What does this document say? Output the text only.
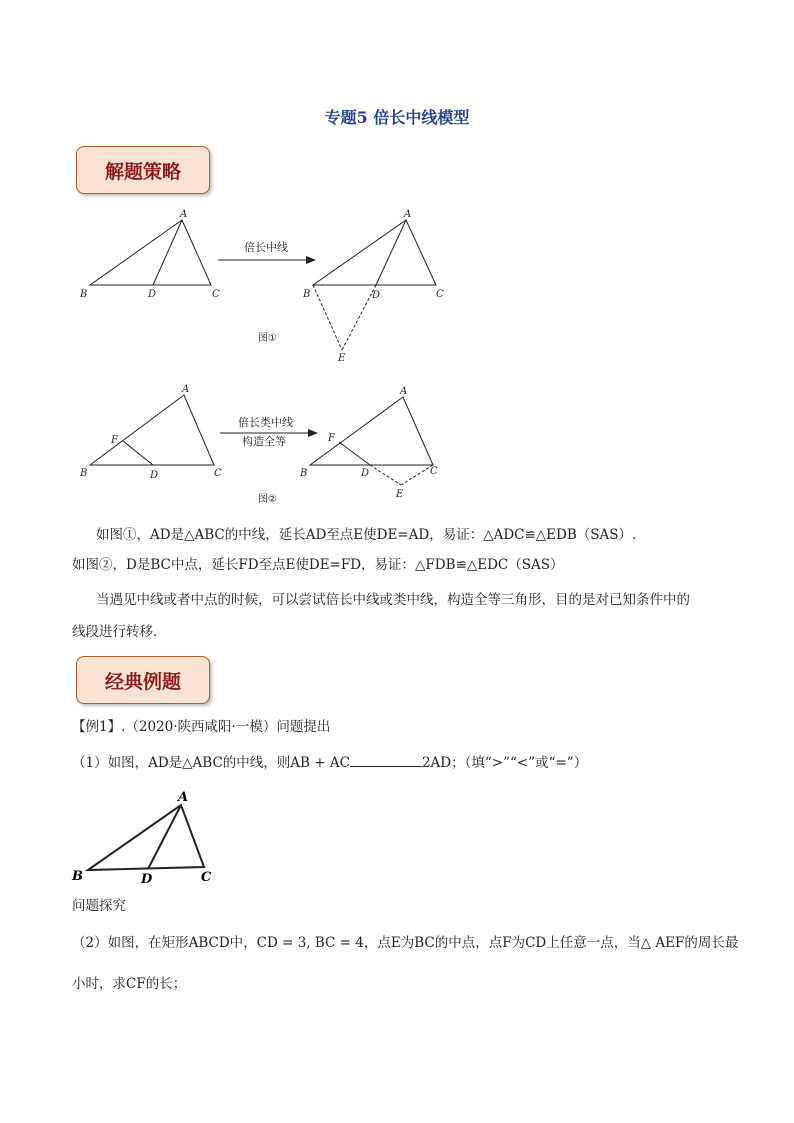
专题5 倍长中线模型
解题策略
A
B	D	C
倍长中线
A
B	D	C
E
图①
A
F
B	D	C
倍长类中线
构造全等
A
F
B	D	C
E
图②
如图①，AD是△ABC的中线，延长AD至点E使DE=AD，易证：△ADC≌△EDB（SAS）.
如图②，D是BC中点，延长FD至点E使DE=FD，易证：△FDB≌△EDC（SAS）
当遇见中线或者中点的时候，可以尝试倍长中线或类中线，构造全等三角形，目的是对已知条件中的
线段进行转移.
经典例题
【例1】.（2020·陕西咸阳·一模）问题提出
（1）如图，AD是△ABC的中线，则AB + AC	2AD；（填“>”“<”或“=”）
A
B	D	C
问题探究
（2）如图，在矩形ABCD中，CD = 3, BC = 4，点E为BC的中点，点F为CD上任意一点，当△ AEF的周长最
小时，求CF的长；
